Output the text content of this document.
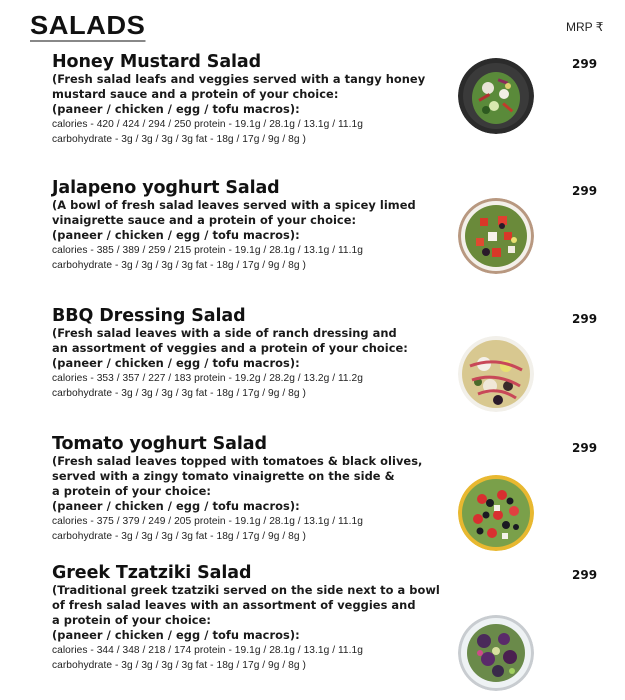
SALADS	MRP ₹
Honey Mustard Salad
(Fresh salad leafs and veggies served with a tangy honey
mustard sauce and a protein of your choice:
(paneer / chicken / egg / tofu macros):
calories - 420 / 424 / 294 / 250 protein - 19.1g / 28.1g / 13.1g / 11.1g
carbohydrate - 3g / 3g / 3g / 3g fat - 18g / 17g / 9g / 8g )
299
Jalapeno yoghurt Salad
(A bowl of fresh salad leaves served with a spicey limed
vinaigrette sauce and a protein of your choice:
(paneer / chicken / egg / tofu macros):
calories - 385 / 389 / 259 / 215 protein - 19.1g / 28.1g / 13.1g / 11.1g
carbohydrate - 3g / 3g / 3g / 3g fat - 18g / 17g / 9g / 8g )
299
BBQ Dressing Salad
(Fresh salad leaves with a side of ranch dressing and
an assortment of veggies and a protein of your choice:
(paneer / chicken / egg / tofu macros):
calories - 353 / 357 / 227 / 183 protein - 19.2g / 28.2g / 13.2g / 11.2g
carbohydrate - 3g / 3g / 3g / 3g fat - 18g / 17g / 9g / 8g )
299
Tomato yoghurt Salad
(Fresh salad leaves topped with tomatoes & black olives,
served with a zingy tomato vinaigrette on the side &
a protein of your choice:
(paneer / chicken / egg / tofu macros):
calories - 375 / 379 / 249 / 205 protein - 19.1g / 28.1g / 13.1g / 11.1g
carbohydrate - 3g / 3g / 3g / 3g fat - 18g / 17g / 9g / 8g )
299
Greek Tzatziki Salad
(Traditional greek tzatziki served on the side next to a bowl
of fresh salad leaves with an assortment of veggies and
a protein of your choice:
(paneer / chicken / egg / tofu macros):
calories - 344 / 348 / 218 / 174 protein - 19.1g / 28.1g / 13.1g / 11.1g
carbohydrate - 3g / 3g / 3g / 3g fat - 18g / 17g / 9g / 8g )
299
